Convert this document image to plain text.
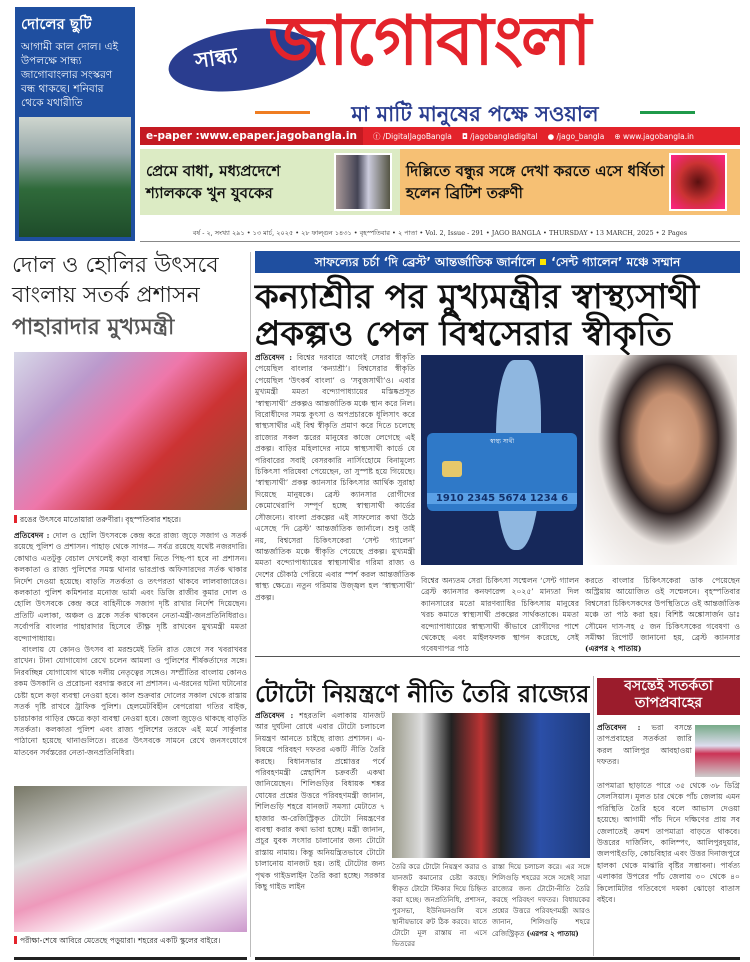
দোলের ছুটি

আগামী কাল দোল। এই উপলক্ষে সান্ধ্য জাগোবাংলার সংস্করণ বন্ধ থাকছে। শনিবার থেকে যথারীতি

সান্ধ্য জাগোবাংলা
মা মাটি মানুষের পক্ষে সওয়াল
e-paper :www.epaper.jagobangla.in	ⓕ /DigitalJagoBangla ◘ /jagobangladigital ● /jago_bangla ⊕ www.jagobangla.in
প্রেমে বাধা, মধ্যপ্রদেশে শ্যালককে খুন যুবকের
দিল্লিতে বন্ধুর সঙ্গে দেখা করতে এসে ধর্ষিতা হলেন ব্রিটিশ তরুণী
বর্ষ - ২, সংখ্যা ২৯১ • ১৩ মার্চ, ২০২৫ • ২৮ ফাল্গুন ১৪৩১ • বৃহস্পতিবার • ২ পাতা • Vol. 2, Issue - 291 • JAGO BANGLA • THURSDAY • 13 MARCH, 2025 • 2 Pages
দোল ও হোলির উৎসবে
বাংলায় সতর্ক প্রশাসন
পাহারাদার মুখ্যমন্ত্রী
রঙের উৎসবে মাতোয়ারা তরুণীরা। বৃহস্পতিবার শহরে।
প্রতিবেদন : দোল ও হোলি উৎসবকে কেন্দ্র করে রাজ্য জুড়ে সজাগ ও সতর্ক রয়েছে পুলিশ ও প্রশাসন। পাহাড় থেকে সাগর— সর্বত্র রয়েছে যথেষ্ট নজরদারি। কোথাও এতটুকু বেচাল দেখলেই কড়া ব্যবস্থা নিতে পিছ-পা হবে না প্রশাসন। কলকাতা ও রাজ্য পুলিশের সমস্ত থানার ভারপ্রাপ্ত অফিসারদের সর্তক থাকার নির্দেশ দেওয়া হয়েছে। বাড়তি সতর্কতা ও তৎপরতা থাকবে লালবাজারেও। কলকাতা পুলিশ কমিশনার মনোজ ভার্মা এবং ডিজি রাজীব কুমার দোল ও হোলি উৎসবকে কেন্দ্র করে বাহিনীকে সজাগ দৃষ্টি রাখার নির্দেশ দিয়েছেন। প্রতিটি এলাকা, অঞ্চল ও ব্লকে সর্তক থাকবেন নেতা-মন্ত্রী-জনপ্রতিনিধিরাও। সর্বোপরি বাংলার পাহারাদার হিসেবে তীক্ষ্ণ দৃষ্টি রাখবেন মুখ্যমন্ত্রী মমতা বন্দ্যোপাধ্যায়।
বাংলায় যে কোনও উৎসব বা মরশুমেই তিনি রাত জেগে সব খবরাখবর রাখেন। টানা যোগাযোগ রেখে চলেন আমলা ও পুলিশের শীর্ষকর্তাদের সঙ্গে। নিরবচ্ছিন্ন যোগাযোগ থাকে দলীয় নেতৃত্বের সঙ্গেও। সম্প্রীতির বাংলায় কোনও রকম উসকানি ও প্ররোচনা বরদাস্ত করবে না প্রশাসন। এ-ধরনের ঘটনা ঘটানোর চেষ্টা হলে কড়া ব্যবস্থা নেওয়া হবে। কাল শুক্রবার দোলের সকাল থেকে রাস্তায় সতর্ক দৃষ্টি রাখবে ট্রাফিক পুলিশ। হেলমেটবিহীন বেপরোয়া গতির বাইক, চারচাকার গাড়ির ক্ষেত্রে কড়া ব্যবস্থা নেওয়া হবে। জেলা জুড়েও থাকছে বাড়তি সতর্কতা। কলকাতা পুলিশ এবং রাজ্য পুলিশের তরফে এই মর্মে সার্কুলার পাঠানো হয়েছে থানাগুলিতে। রঙের উৎসবকে সামনে রেখে জনসংযোগে মাতবেন সর্বস্তরের নেতা-জনপ্রতিনিধিরা।
পরীক্ষা-শেষে আবিরে মেতেছে পড়ুয়ারা। শহরের একটি স্কুলের বাইরে।
সাফল্যের চর্চা ‘দি ব্রেস্ট’ আন্তর্জাতিক জার্নালে ‘সেন্ট গ্যালেন’ মঞ্চে সম্মান
কন্যাশ্রীর পর মুখ্যমন্ত্রীর স্বাস্থ্যসাথী
প্রকল্পও পেল বিশ্বসেরার স্বীকৃতি
প্রতিবেদন : বিশ্বের দরবারে আগেই সেরার স্বীকৃতি পেয়েছিল বাংলার ‘কন্যাশ্রী’। বিশ্বসেরার স্বীকৃতি পেয়েছিল ‘উৎকর্ষ বাংলা’ ও ‘সবুজসাথী’ও। এবার মুখ্যমন্ত্রী মমতা বন্দ্যোপাধ্যায়ের মস্তিষ্কপ্রসূত ‘স্বাস্থ্যসাথী’ প্রকল্পও আন্তর্জাতিক মঞ্চে স্থান করে নিল। বিরোধীদের সমস্ত কুৎসা ও অপপ্রচারকে ধূলিসাৎ করে স্বাস্থ্যসাথীর এই বিশ্ব স্বীকৃতি প্রমাণ করে দিতে চলেছে রাজ্যের সকল স্তরের মানুষের কাজে লেগেছে এই প্রকল্প। বাড়ির মহিলাদের নামে স্বাস্থ্যসাথী কার্ডে যে পরিবারের সবাই বেসরকারি নার্সিংহোমে বিনামূল্যে চিকিৎসা পরিষেবা পেয়েছেন, তা সুস্পষ্ট হয়ে গিয়েছে। ‘স্বাস্থ্যসাথী’ প্রকল্প ক্যানসার চিকিৎসার আর্থিক সুরাহা দিয়েছে মানুষকে। ব্রেস্ট ক্যানসার রোগীদের কেমোথেরাপি সম্পূর্ণ হচ্ছে স্বাস্থ্যসাথী কার্ডের সৌজন্যে। বাংলা প্রকল্পের এই সাফল্যের কথা উঠে এসেছে ‘দি ব্রেস্ট’ আন্তর্জাতিক জার্নালে। শুধু তাই নয়, বিশ্বসেরা চিকিৎসকেরা ‘সেন্ট গ্যালেন’ আন্তর্জাতিক মঞ্চে স্বীকৃতি পেয়েছে প্রকল্প। মুখ্যমন্ত্রী মমতা বন্দ্যোপাধ্যায়ের স্বাস্থ্যসাথীর গরিমা রাজ্য ও দেশের চৌকাঠ পেরিয়ে এবার স্পর্শ করল আন্তর্জাতিক স্বাস্থ্য ক্ষেত্রে। নতুন গরিমায় উজ্জ্বল হল ‘স্বাস্থ্যসাথী’ প্রকল্প।
স্বাস্থ্য সাথী
1910 2345 5674 1234 6
বিশ্বের অন্যতম সেরা চিকিৎসা সম্মেলন ‘সেন্ট গ্যালন ব্রেস্ট ক্যানসার কনফারেন্স ২০২৫’ মান্যতা দিল ক্যানসারের মতো মারণব্যাধির চিকিৎসায় মানুষের খরচ কমাতে স্বাস্থ্যসাথী প্রকল্পের সার্থকতাকে। মমতা বন্দ্যোপাধ্যায়ের স্বাস্থ্যসাথী কীভাবে রোগীদের পাশে থেকেছে এবং মাইলফলক স্থাপন করেছে, সেই গবেষণাপত্র পাঠ
করতে বাংলার চিকিৎসকেরা ডাক পেয়েছেন অস্ট্রিয়ায় আয়োজিত ওই সম্মেলনে। বৃহস্পতিবার বিশ্বসেরা চিকিৎসকদের উপস্থিতিতে ওই আন্তর্জাতিক মঞ্চে তা পাঠ করা হয়। বিশিষ্ট অঙ্কোসার্জন ডাঃ সৌমেন দাস-সহ ৫ জন চিকিৎসকের গবেষণা ও সমীক্ষা রিপোর্ট জানানো হয়, ব্রেস্ট ক্যানসার (এরপর ২ পাতায়)
টোটো নিয়ন্ত্রণে নীতি তৈরি রাজ্যের
প্রতিবেদন : শহরতলি এলাকায় যানজট আর দুর্ঘটনা রোধে এবার টোটো চলাচলে নিয়ন্ত্রণ আনতে চাইছে রাজ্য প্রশাসন। এ-বিষয়ে পরিবহণ দফতর একটি নীতি তৈরি করছে। বিধানসভার প্রশ্নোত্তর পর্বে পরিবহণমন্ত্রী স্নেহাশিস চক্রবর্তী একথা জানিয়েছেন। শিলিগুড়ির বিধায়ক শঙ্কর ঘোষের প্রশ্নের উত্তরে পরিবহণমন্ত্রী জানান, শিলিগুড়ি শহরে যানজট সমস্যা মেটাতে ৭ হাজার অ-রেজিস্ট্রিকৃত টোটো নিয়ন্ত্রণের ব্যবস্থা করার কথা ভাবা হচ্ছে। মন্ত্রী জানান, প্রচুর যুবক সংসার চালানোর জন্য টোটো রাস্তায় নামায়। কিন্তু অনিয়ন্ত্রিতভাবে টোটো চালানোয় যানজট হয়। তাই টোটোর জন্য পৃথক গাইডলাইন তৈরি করা হচ্ছে। সরকার কিছু গাইড লাইন
তৈরি করে টোটো নিয়ন্ত্রণ করার ও যানজট কমানোর চেষ্টা করছে। স্বীকৃত টোটো স্টিকার দিয়ে চিহ্নিত করা হচ্ছে। জনপ্রতিনিধি, প্রশাসন, পুরসভা, ইউনিয়নগুলি বসে স্থানীয়ভাবে রুট ঠিক করবে। যাতে টোটো মূল রাস্তায় না এসে ভিতরের
রাস্তা দিয়ে চলাচল করে। এর সঙ্গে শিলিগুড়ি শহরের সঙ্গে সঙ্গেই সারা রাজ্যের জন্য টোটো-নীতি তৈরি করছে পরিবহণ দফতর। বিধায়কের প্রশ্নের উত্তরে পরিবহণমন্ত্রী আরও জানান, শিলিগুড়ি শহরে রেজিস্ট্রিকৃত (এরপর ২ পাতায়)
বসন্তেই সতর্কতা তাপপ্রবাহের
প্রতিবেদন : ভরা বসন্তে তাপপ্রবাহের সতর্কতা জারি করল আলিপুর আবহাওয়া দফতর।
তাপমাত্রা ছাড়াতে পারে ৩৫ থেকে ৩৮ ডিগ্রি সেলসিয়াস। মূলত চার থেকে পাঁচ জেলায় এমন পরিস্থিতি তৈরি হবে বলে আভাস দেওয়া হয়েছে। আগামী পাঁচ দিনে দক্ষিণের প্রায় সব জেলাতেই ক্রমশ তাপমাত্রা বাড়তে থাকবে। উত্তরের দার্জিলিং, কালিম্পং, আলিপুরদুয়ার, জলপাইগুড়ি, কোচবিহার এবং উত্তর দিনাজপুরে হালকা থেকে মাঝারি বৃষ্টির সম্ভাবনা। পার্বত্য এলাকার উপরের পাঁচ জেলায় ৩০ থেকে ৪০ কিলোমিটার গতিবেগে দমকা ঝোড়ো বাতাস বইবে।
